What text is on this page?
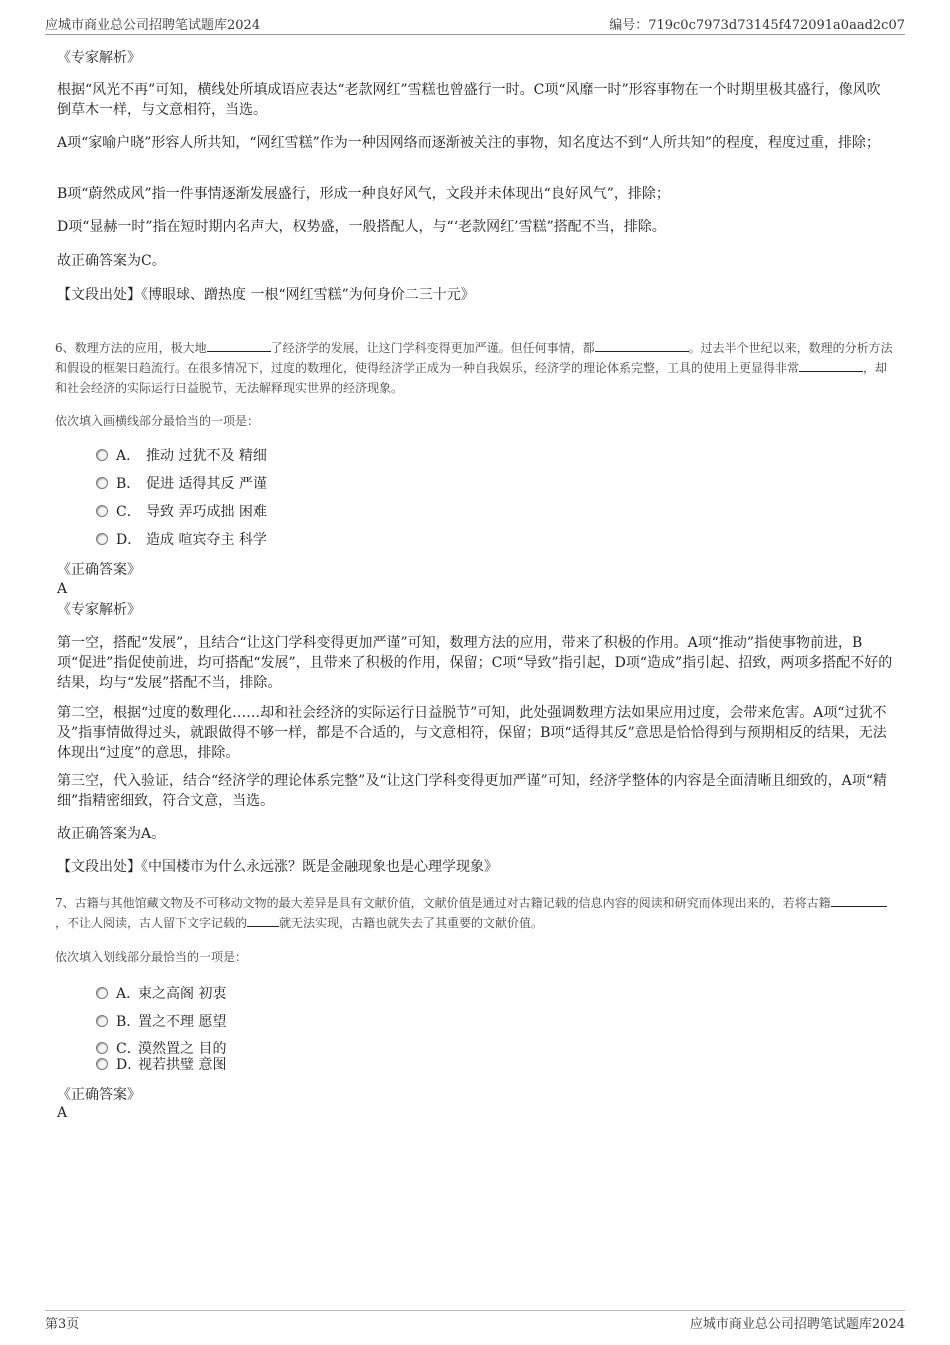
应城市商业总公司招聘笔试题库2024	编号：719c0c7973d73145f472091a0aad2c07
《专家解析》
根据“风光不再”可知，横线处所填成语应表达“老款网红”雪糕也曾盛行一时。C项“风靡一时”形容事物在一个时期里极其盛行，像风吹倒草木一样，与文意相符，当选。
A项“家喻户晓”形容人所共知，“网红雪糕”作为一种因网络而逐渐被关注的事物，知名度达不到“人所共知”的程度，程度过重，排除；
B项“蔚然成风”指一件事情逐渐发展盛行，形成一种良好风气，文段并未体现出“良好风气”，排除；
D项“显赫一时”指在短时期内名声大，权势盛，一般搭配人，与“‘老款网红’雪糕”搭配不当，排除。
故正确答案为C。
【文段出处】《博眼球、蹭热度 一根“网红雪糕”为何身价二三十元》
6、数理方法的应用，极大地	了经济学的发展，让这门学科变得更加严谨。但任何事情，都	。过去半个世纪以来，数理的分析方法和假设的框架日趋流行。在很多情况下，过度的数理化，使得经济学正成为一种自我娱乐，经济学的理论体系完整，工具的使用上更显得非常	，却和社会经济的实际运行日益脱节，无法解释现实世界的经济现象。
依次填入画横线部分最恰当的一项是：
A． 推动 过犹不及 精细
B． 促进 适得其反 严谨
C． 导致 弄巧成拙 困难
D． 造成 喧宾夺主 科学
《正确答案》
A
《专家解析》
第一空，搭配“发展”，且结合“让这门学科变得更加严谨”可知，数理方法的应用，带来了积极的作用。A项“推动”指使事物前进，B项“促进”指促使前进，均可搭配“发展”，且带来了积极的作用，保留；C项“导致”指引起，D项“造成”指引起、招致，两项多搭配不好的结果，均与“发展”搭配不当，排除。
第二空，根据“过度的数理化……却和社会经济的实际运行日益脱节”可知，此处强调数理方法如果应用过度，会带来危害。A项“过犹不及”指事情做得过头，就跟做得不够一样，都是不合适的，与文意相符，保留；B项“适得其反”意思是恰恰得到与预期相反的结果，无法体现出“过度”的意思，排除。
第三空，代入验证，结合“经济学的理论体系完整”及“让这门学科变得更加严谨”可知，经济学整体的内容是全面清晰且细致的，A项“精细”指精密细致，符合文意，当选。
故正确答案为A。
【文段出处】《中国楼市为什么永远涨？既是金融现象也是心理学现象》
7、古籍与其他馆藏文物及不可移动文物的最大差异是具有文献价值，文献价值是通过对古籍记载的信息内容的阅读和研究而体现出来的，若将古籍，不让人阅读，古人留下文字记载的	就无法实现，古籍也就失去了其重要的文献价值。
依次填入划线部分最恰当的一项是：
A．束之高阁 初衷
B．置之不理 愿望
C．漠然置之 目的
D．视若拱璧 意图
《正确答案》
A
第3页	应城市商业总公司招聘笔试题库2024
